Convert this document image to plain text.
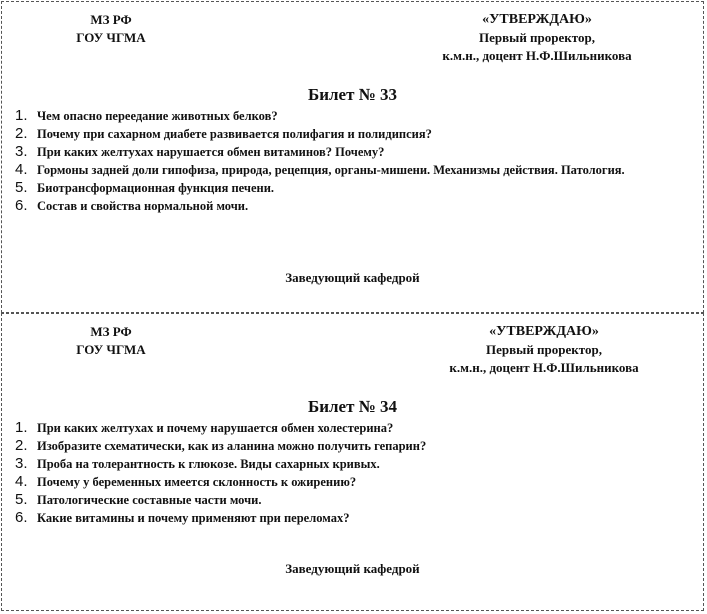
МЗ РФ
ГОУ ЧГМА
«УТВЕРЖДАЮ»
Первый проректор,
к.м.н., доцент Н.Ф.Шильникова
Билет № 33
1. Чем опасно переедание животных белков?
2. Почему при сахарном диабете развивается полифагия и полидипсия?
3. При каких желтухах нарушается обмен витаминов? Почему?
4. Гормоны задней доли гипофиза, природа, рецепция, органы-мишени. Механизмы действия. Патология.
5. Биотрансформационная функция печени.
6. Состав и свойства нормальной мочи.
Заведующий кафедрой
МЗ РФ
ГОУ ЧГМА
«УТВЕРЖДАЮ»
Первый проректор,
к.м.н., доцент Н.Ф.Шильникова
Билет № 34
1. При каких желтухах и почему нарушается обмен холестерина?
2. Изобразите схематически, как из аланина можно получить гепарин?
3. Проба на толерантность к глюкозе. Виды сахарных кривых.
4. Почему у беременных имеется склонность к ожирению?
5. Патологические составные части мочи.
6. Какие витамины и почему применяют при переломах?
Заведующий кафедрой
